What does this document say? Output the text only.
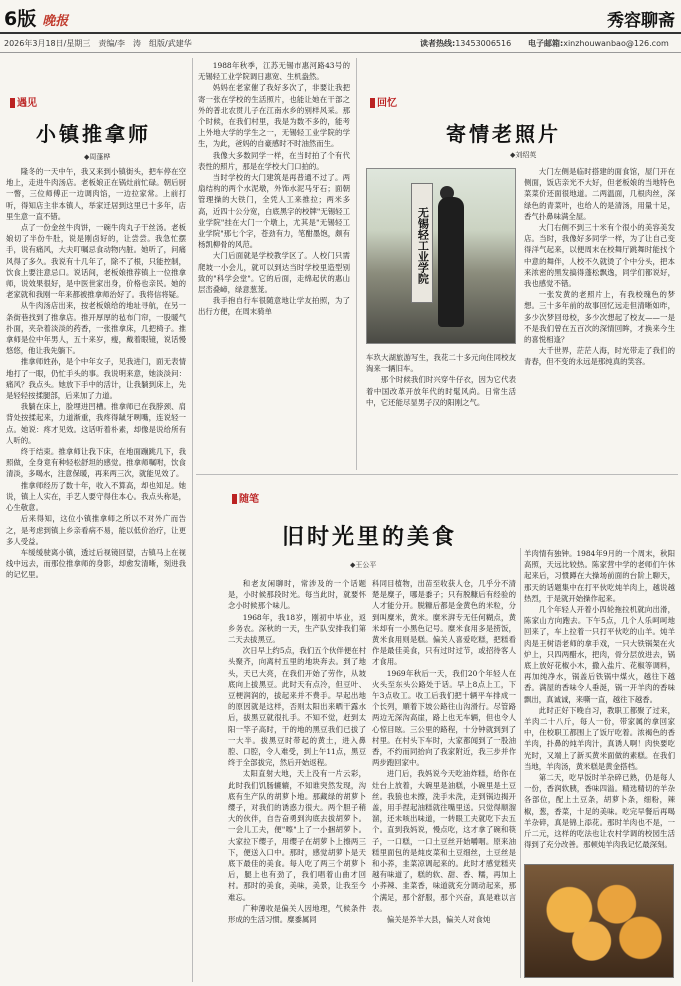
6版 晚报	秀容聊斋
2026年3月18日/星期三　 责编/李　涛　 组版/武建华	读者热线:13453006516 电子邮箱:xinzhouwanbao@126.com
遇见
小镇推拿师
◆周蓬桦

隆冬的一天中午，我又来到小镇街头，把车停在空地上，走进牛肉汤店。老板娘正在锅灶前忙碌。朝后厨一瞥，三位师傅正一边调肉馅，一边拉家常。上前打听，得知店主非本镇人，举家迁居到这里已十多年，店里生意一直不错。

点了一份金丝牛肉饼，一碗牛肉丸子干丝汤。老板娘切了半份牛肚，说是刚卤好的，让尝尝。我急忙摆手，说有痛风，大夫叮嘱忌食动物内脏。她听了，问痛风得了多久。我说有十几年了，除不了根，只能控制，饮食上要注意忌口。说话间，老板娘推荐镇上一位推拿师，说效果很好，是中医世家出身，价格也亲民。她的老家就和我刚一年来都被推拿师治好了。我将信将疑。

从牛肉汤店出来，按老板娘给的地址寻航，在另一条街巷找到了推拿店。推开厚厚的毡布门帘，一股暖气扑面，夹杂着淡淡的药香，一张推拿床，几把椅子。推拿师是位中年男人，五十来岁，瘦，戴着眼镜，说话慢悠悠，他让我先躺下。

推拿师姓孙，是个中年女子，见我进门，面无表情地打了一眼，仍忙手头的事。我说明来意，她淡淡问：痛风？我点头。她放下手中的活计，让我躺到床上，先是轻轻按揉腿部，后来加了力道。

我躺在床上，脸埋进凹槽。推拿师已在我脖颈、肩背处按揉起来，力道渐重，我疼得龇牙咧嘴，连说轻一点。她说：疼才见效。这话听着朴素，却像是说给所有人听的。

终于结束。推拿师让我下床，在地面蹦跳几下，我照做，全身竟有种轻松舒坦的感觉。推拿师嘱咐，饮食清淡，多喝水，注意保暖，再来两三次，就能见效了。

推拿师经历了数十年，收入不算高，却也知足。她说，镇上人实在，手艺人要守得住本心。我点头称是，心生敬意。

后来得知，这位小镇推拿师之所以不对外广而告之，是考虑到镇上乡亲看病不易，能以低价治疗，让更多人受益。

车缓缓驶离小镇，透过后视镜回望，古镇马上在视线中远去，而那位推拿师的身影，却愈发清晰，刻进我的记忆里。

1988年秋季，江苏无锡市惠河路43号的无锡轻工业学院调日惠宽、生机盎然。

妈妈在老家催了我好多次了，非要让我把寄一张在学校的生活照片，也能让她在干部之外的普北农贯儿子在江南水乡的别样风采。那个时候，在我们村里，我是为数不多的，能考上外地大学的学生之一，无锡轻工业学院的学生，为此，爸妈的自豪感时不时油然而生。

我像大多数同学一样，在当时拍了个有代表性的照片，那是在学校大门口拍的。

当时学校的大门建筑是再普通不过了。两扇结构的两个水泥墩，外饰水泥马牙石；面朝管理操的大铁门，全凭人工来推拉；两米多高，近四十公分宽，白底黑字的校牌"无锡轻工业学院"挂在大门一个墩上，尤其是"无锡轻工业学院"那七个字，苍劲有力，笔酣墨饱，颇有杨凯柳骨的风范。

大门后面就是学校教学区了。人校门只需爬坡一小会儿，就可以到达当时学校里造型别致的"科学会堂"。它的后面，走绵起伏的惠山层峦叠嶂，绿意葱茏。

我手抱自行车很随意地让学友拍照，为了出行方便，在周末骑单

回忆
寄情老照片
◆刘绍英
无锡轻工业学院

车玖大湖旅游写生，我花二十多元向住同校友淘来一辆旧车。

那个时候我们时兴穿牛仔衣，因为它代表着中国改革开放年代的时髦风尚。日常生活中，它还能尽显男子汉的阳刚之气。

大门左侧是临时搭建的面食馆，屋门开在侧面，饭店亲光不大好，但老板娘的当地特色菜菜价还面很地道。二两温面，几根肉丝，深绿色的青菜叶，也给人的是清汤，用量十足，香气扑鼻味满全屋。

大门右侧不到三十米有个很小的美容美发店。当时，我像好多同学一样，为了让自己变得洋气起来，以便周末在校舞厅跳舞时能找个中意的舞伴，人校不久就烫了个中分头，把本来浓密的黑发搞得蓬松飘逸，同学们都说好，我也感觉不错。

一张发黄的老照片上，有我校瑰色的梦想。三十多年前的故事回忆远走但清晰如昨，多少次梦回母校，多少次想起了校友——一是不是我们曾在五百次的深情回眸，才换来今生的喜悦相逢？

大千世界，茫茫人海，时光带走了我们的青春，但不变的永远是那纯真的笑容。

随笔
旧时光里的美食
◆王公平

和老友闲聊时，常涉及的一个话题是，小时候那段时光。每当此时，就要怀念小时候那个味儿。

1968年，我18岁，刚初中毕业，返乡务农。深秋的一天，生产队安排我们第二天去拔黑豆。

次日早上约5点，我们五个伙伴便在村头聚齐，向离村五里的地块奔去。到了地头，天已大亮，在我们开始了劳作，从坡底向上拔黑豆。此时天有点冷，但豆叶、豆梗润润的，拔起来并不费手。早起出地的原因就是这样，否则太阳出来晒干露水后，拔黑豆就很扎手。不知不觉，赶到太阳一竿子高时，干的地的黑豆我们已拔了一大半。拔黑豆时带起的黄土，进入鼻腔、口腔，令人难受，到上午11点，黑豆终于全部拔完，然后开始返程。

太阳直射大地，天上没有一片云彩，此时我们饥肠辘辘，不知谁突然发现，沟底有生产队的胡萝卜地。那藏绿的胡萝卜缨子，对我们的诱惑力很大。两个胆子稍大的伙伴，自告奋勇到沟底去拔胡萝卜。一会儿工夫，便"嚓"上了一小捆胡萝卜。大家拉下缨子，用缨子在胡萝卜上擦两三下，便送入口中。那时，感觉胡萝卜是天底下最佳的美食。每人吃了两三个胡萝卜后，腿上也有劲了，我们唱着山曲才回村。那时的美食，美味，美景，让我至今难忘。

广种薄收是偏关人因地理，气候条件形成的生活习惯。糜黍属同

科同目植物，出苗至收获人仓，几乎分不清楚是糜子，哪是黍子；只有脱糠后有经验的人才能分开。脱糠后都是金黄色的米粒，分到叫糜米，黄米。糜米湃专无任何糊点，黄米却有一小黑色记号。糜米食用多是捞饭，黄米食用则是糕。偏关人喜爱吃糕，把糕看作是最佳美食，只有过时过节，或招待客人才食用。

1969年秋后一天，我们20个年轻人在火头至东头公路处于话。早上8点上工，下午3点收工。收工后我们把十辆平车排成一个长列，順着下坡公路往山沟滑行。尽管路两边无深沟高崖，路上也无车辆，但也令人心惊目眩。三公里的路程，十分钟就到到了村里。在村头下车时，大家都闻到了一股油香，不约而同抬向了我家附近，我三步并作两步跑回家中。

进门后，我妈说今天吃油炸糕，给你在灶台上放着，大碗里是油糕，小碗里是土豆丝。我狼也未擦，洗手未洗，走到锅边揭开盖，用手捏起油糕就往嘴里送。只觉得顺溜溜，还未咳出味道，一转眼工夫就吃下去五个。直到我妈说，慢点吃，这才拿了碗和筷子，一口糕，一口土豆丝开始嚼咽。原来油糕里面包的是炖皮菜和土豆细丝，土豆丝是和小荞，韭菜凉调起来的。此时才感觉糕夹越有味道了，糕的软、甜、香、糯，再加上小荞辣、韭菜香，味道就充分调动起来，那个满足，那个舒服，那个兴奋，真是难以言表。

偏关是养羊大县，偏关人对食炖

羊肉情有独钟。1984年9月的一个周末，秋阳高照，天远比较热。陈家营中学的老师们午休起来后，习惯蹲在大操场前面的台阶上聊天，那天的话题集中在打平伙吃炖羊肉上，越说越热烈，于是就开始操作起来。

几个年轻人开着小四轮拖拉机就向出滑，陈家山方向跑去。下午5点，几个人乐呵呵地回来了，车上拉着一只打平伙吃的山羊。炖羊肉是王树语老师的拿手戏，一只大铁锅架在火炉上，只四两醋水，把肉，骨分层放进去，锅底上放好花椒小木，撒入盐片、花椒等调料，再加纯净水，锅盖后铁锅中煤火，越往下越香。满屋的香味令人垂涎，锅一开羊肉的香味飘出，真诚诚，来嘶一直，越往下越香。

此时正好下晚自习，教职工都聚了过来，羊肉二十八斤，每人一份，带家属的拿回家中，住校职工都围上了饭厅吃着。浓褐色的香羊肉，扑鼻的炖羊肉汁，真诱人啊！肉快要吃光时，又端上了新买黄米面做的素糕。在我们当地，羊肉汤，黄米糕是黄金搭档。

第二天，吃早饭时羊杂碎已熟，仍是每人一份，香润软胰，香味四溢。精选精切的羊杂各部位，配上土豆条，胡萝卜条，细粉，辣椒，葱，香菜，十足的美味。吃完早餐后再喝羊杂碎，真是锦上添花。那时羊肉也不是，一斤二元，这样的吃法也让农村学调的校园生活得到了充分改善。那顿炖羊肉我记忆最深刻。
